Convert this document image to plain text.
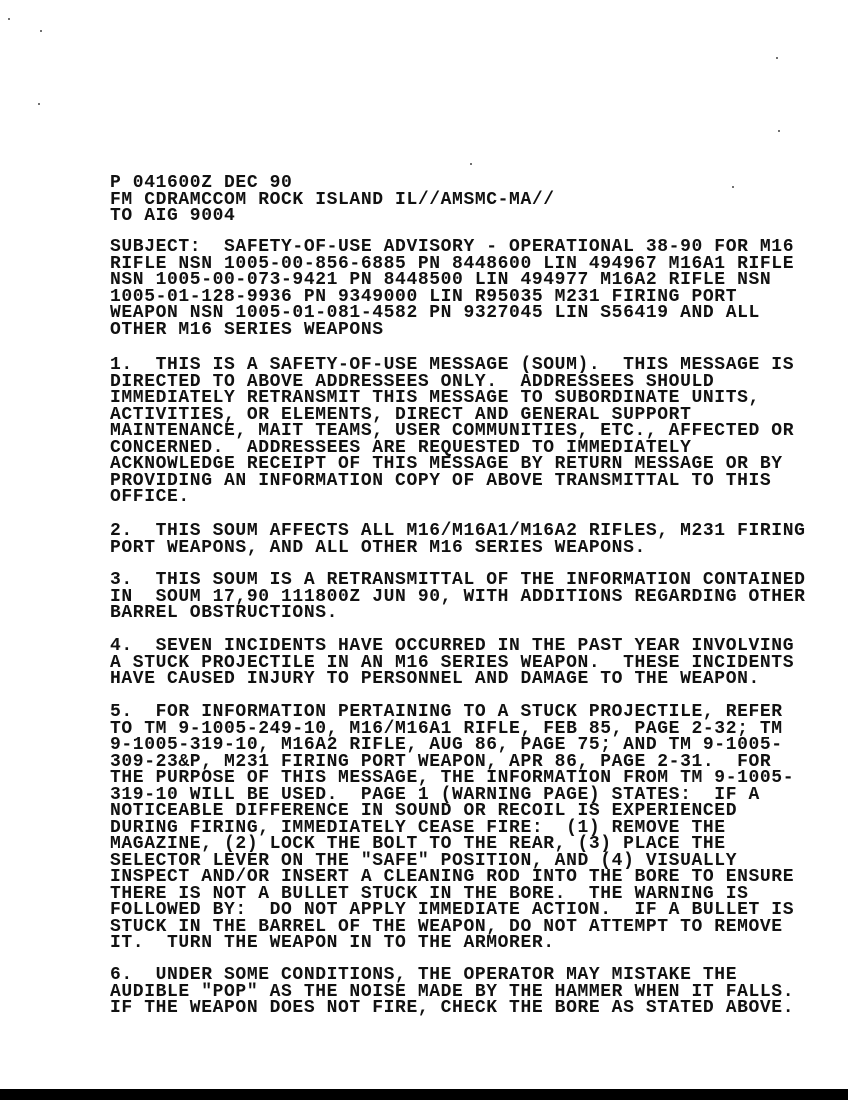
P 041600Z DEC 90
FM CDRAMCCOM ROCK ISLAND IL//AMSMC-MA//
TO AIG 9004
SUBJECT:  SAFETY-OF-USE ADVISORY - OPERATIONAL 38-90 FOR M16
RIFLE NSN 1005-00-856-6885 PN 8448600 LIN 494967 M16A1 RIFLE
NSN 1005-00-073-9421 PN 8448500 LIN 494977 M16A2 RIFLE NSN
1005-01-128-9936 PN 9349000 LIN R95035 M231 FIRING PORT
WEAPON NSN 1005-01-081-4582 PN 9327045 LIN S56419 AND ALL
OTHER M16 SERIES WEAPONS
1.  THIS IS A SAFETY-OF-USE MESSAGE (SOUM).  THIS MESSAGE IS
DIRECTED TO ABOVE ADDRESSEES ONLY.  ADDRESSEES SHOULD
IMMEDIATELY RETRANSMIT THIS MESSAGE TO SUBORDINATE UNITS,
ACTIVITIES, OR ELEMENTS, DIRECT AND GENERAL SUPPORT
MAINTENANCE, MAIT TEAMS, USER COMMUNITIES, ETC., AFFECTED OR
CONCERNED.  ADDRESSEES ARE REQUESTED TO IMMEDIATELY
ACKNOWLEDGE RECEIPT OF THIS MESSAGE BY RETURN MESSAGE OR BY
PROVIDING AN INFORMATION COPY OF ABOVE TRANSMITTAL TO THIS
OFFICE.
2.  THIS SOUM AFFECTS ALL M16/M16A1/M16A2 RIFLES, M231 FIRING
PORT WEAPONS, AND ALL OTHER M16 SERIES WEAPONS.
3.  THIS SOUM IS A RETRANSMITTAL OF THE INFORMATION CONTAINED
IN  SOUM 17,90 111800Z JUN 90, WITH ADDITIONS REGARDING OTHER
BARREL OBSTRUCTIONS.
4.  SEVEN INCIDENTS HAVE OCCURRED IN THE PAST YEAR INVOLVING
A STUCK PROJECTILE IN AN M16 SERIES WEAPON.  THESE INCIDENTS
HAVE CAUSED INJURY TO PERSONNEL AND DAMAGE TO THE WEAPON.
5.  FOR INFORMATION PERTAINING TO A STUCK PROJECTILE, REFER
TO TM 9-1005-249-10, M16/M16A1 RIFLE, FEB 85, PAGE 2-32; TM
9-1005-319-10, M16A2 RIFLE, AUG 86, PAGE 75; AND TM 9-1005-
309-23&P, M231 FIRING PORT WEAPON, APR 86, PAGE 2-31.  FOR
THE PURPOSE OF THIS MESSAGE, THE INFORMATION FROM TM 9-1005-
319-10 WILL BE USED.  PAGE 1 (WARNING PAGE) STATES:  IF A
NOTICEABLE DIFFERENCE IN SOUND OR RECOIL IS EXPERIENCED
DURING FIRING, IMMEDIATELY CEASE FIRE:  (1) REMOVE THE
MAGAZINE, (2) LOCK THE BOLT TO THE REAR, (3) PLACE THE
SELECTOR LEVER ON THE "SAFE" POSITION, AND (4) VISUALLY
INSPECT AND/OR INSERT A CLEANING ROD INTO THE BORE TO ENSURE
THERE IS NOT A BULLET STUCK IN THE BORE.  THE WARNING IS
FOLLOWED BY:  DO NOT APPLY IMMEDIATE ACTION.  IF A BULLET IS
STUCK IN THE BARREL OF THE WEAPON, DO NOT ATTEMPT TO REMOVE
IT.  TURN THE WEAPON IN TO THE ARMORER.
6.  UNDER SOME CONDITIONS, THE OPERATOR MAY MISTAKE THE
AUDIBLE "POP" AS THE NOISE MADE BY THE HAMMER WHEN IT FALLS.
IF THE WEAPON DOES NOT FIRE, CHECK THE BORE AS STATED ABOVE.
